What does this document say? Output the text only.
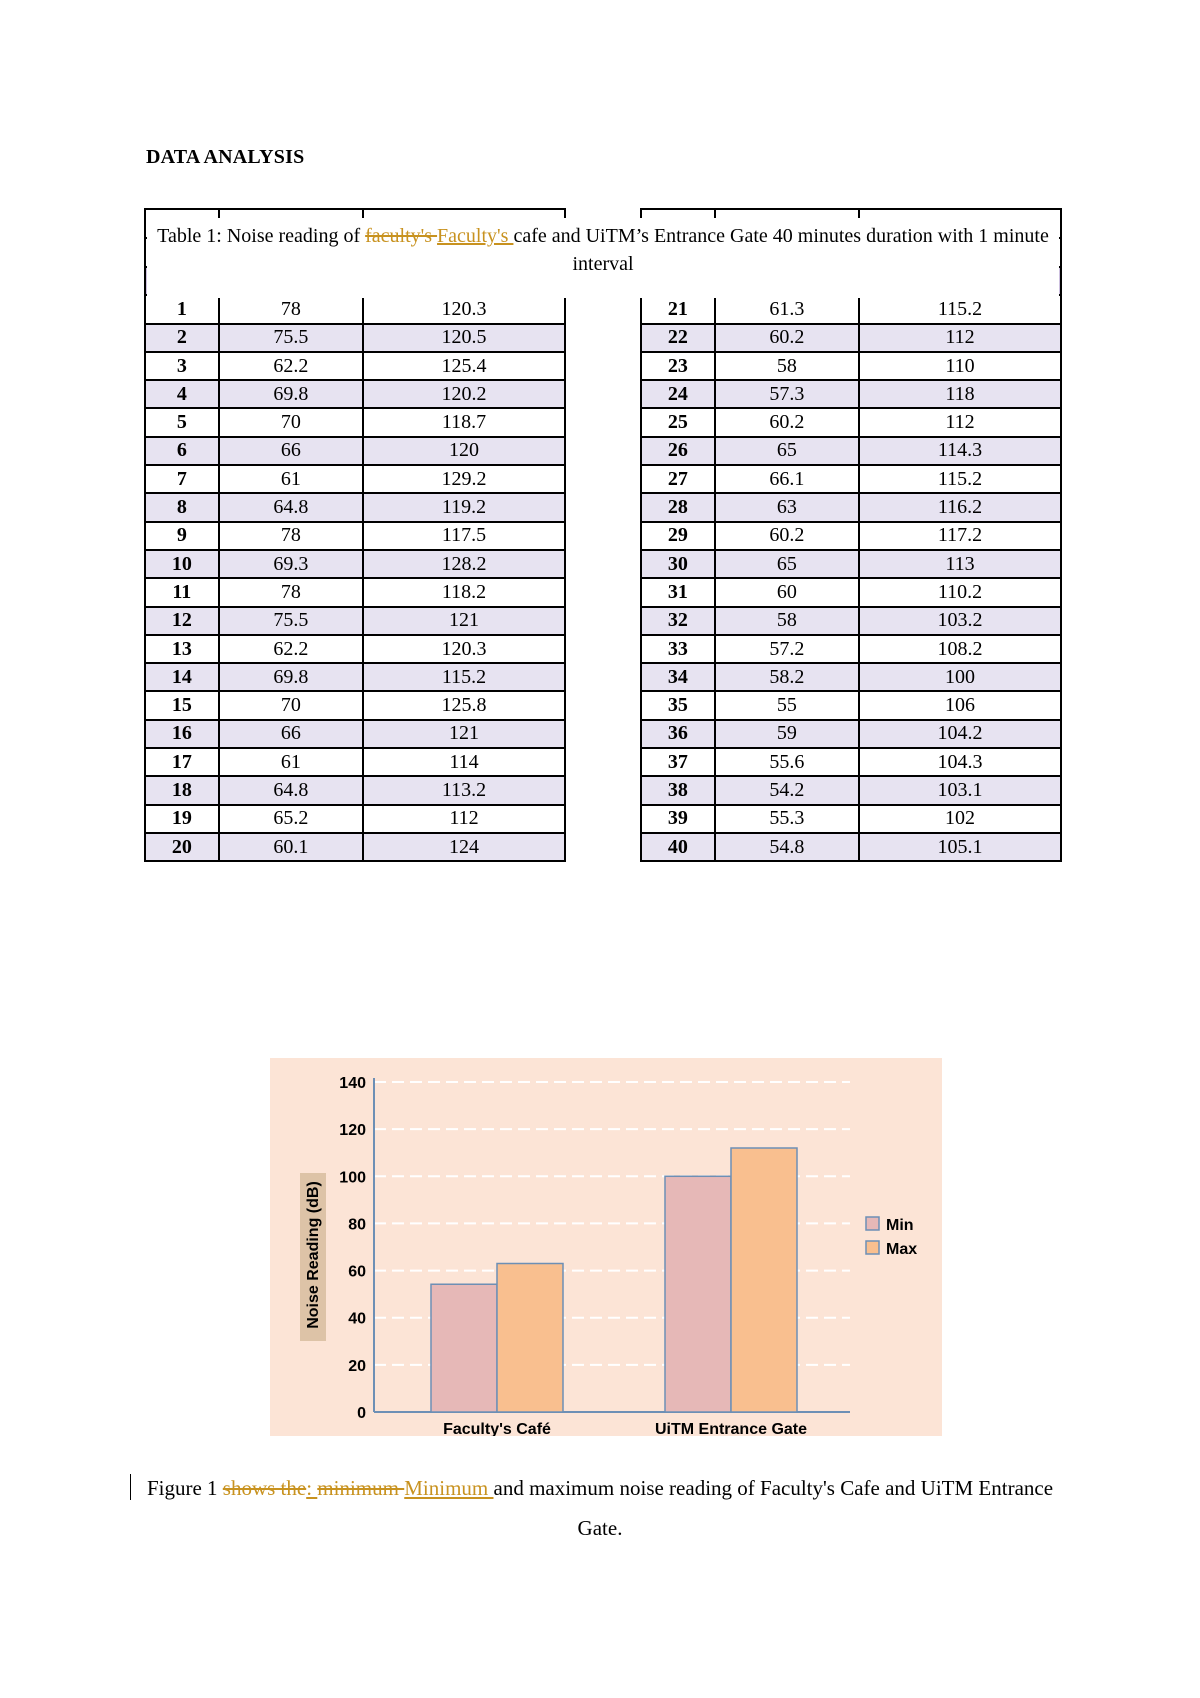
DATA ANALYSIS

1	78	120.3
2	75.5	120.5
3	62.2	125.4
4	69.8	120.2
5	70	118.7
6	66	120
7	61	129.2
8	64.8	119.2
9	78	117.5
10	69.3	128.2
11	78	118.2
12	75.5	121
13	62.2	120.3
14	69.8	115.2
15	70	125.8
16	66	121
17	61	114
18	64.8	113.2
19	65.2	112
20	60.1	124

21	61.3	115.2
22	60.2	112
23	58	110
24	57.3	118
25	60.2	112
26	65	114.3
27	66.1	115.2
28	63	116.2
29	60.2	117.2
30	65	113
31	60	110.2
32	58	103.2
33	57.2	108.2
34	58.2	100
35	55	106
36	59	104.2
37	55.6	104.3
38	54.2	103.1
39	55.3	102
40	54.8	105.1
Table 1: Noise reading of faculty's Faculty's cafe and UiTM’s Entrance Gate 40 minutes duration with 1 minute interval
0
20
40
60
80
100
120
140
Faculty's Café	UiTM Entrance Gate
Noise Reading (dB)	Min
Max
Figure 1 shows the: minimum Minimum and maximum noise reading of Faculty's Cafe and UiTM Entrance Gate.
